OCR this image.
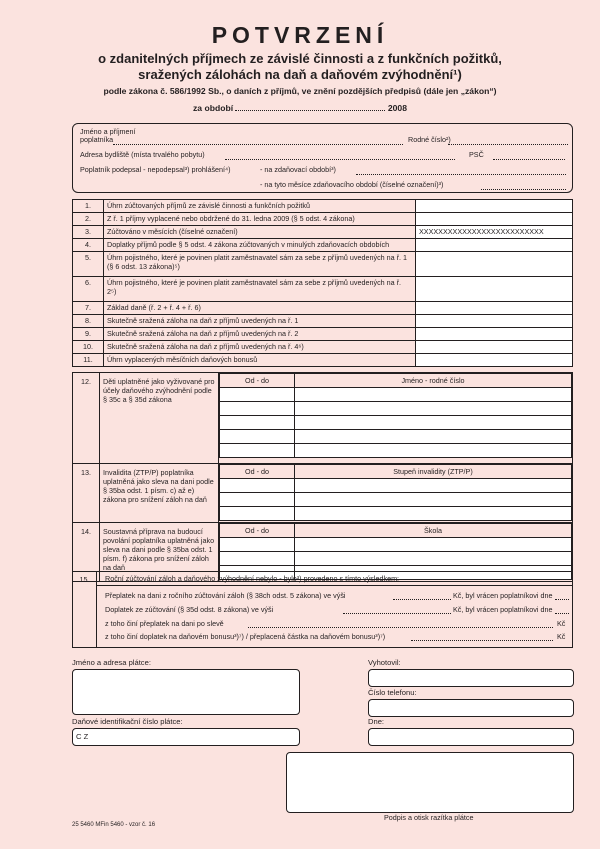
POTVRZENÍ
o zdanitelných příjmech ze závislé činnosti a z funkčních požitků,
sražených zálohách na daň a daňovém zvýhodnění¹)
podle zákona č. 586/1992 Sb., o daních z příjmů, ve znění pozdějších předpisů (dále jen „zákon“)
za období	2008
Jméno a příjmení poplatníka	Rodné číslo²)
Adresa bydliště (místa trvalého pobytu)	PSČ
Poplatník podepsal - nepodepsal³) prohlášení⁴)	- na zdaňovací období³)
- na tyto měsíce zdaňovacího období (číselné označení)³)
1.	Úhrn zúčtovaných příjmů ze závislé činnosti a funkčních požitků	
2.	Z ř. 1 příjmy vyplacené nebo obdržené do 31. ledna 2009 (§ 5 odst. 4 zákona)	
3.	Zúčtováno v měsících (číselné označení)	XXXXXXXXXXXXXXXXXXXXXXXXXX
4.	Doplatky příjmů podle § 5 odst. 4 zákona zúčtovaných v minulých zdaňovacích obdobích	
5.	Úhrn pojistného, které je povinen platit zaměstnavatel sám za sebe z příjmů uvedených na ř. 1 (§ 6 odst. 13 zákona)⁵)	
6.	Úhrn pojistného, které je povinen platit zaměstnavatel sám za sebe z příjmů uvedených na ř. 2⁵)	
7.	Základ daně (ř. 2 + ř. 4 + ř. 6)	
8.	Skutečně sražená záloha na daň z příjmů uvedených na ř. 1	
9.	Skutečně sražená záloha na daň z příjmů uvedených na ř. 2	
10.	Skutečně sražená záloha na daň z příjmů uvedených na ř. 4⁶)	
11.	Úhrn vyplacených měsíčních daňových bonusů	
12.	Děti uplatněné jako vyživované pro účely daňového zvýhodnění podle § 35c a § 35d zákona	
Od - do	Jméno - rodné číslo

13.	Invalidita (ZTP/P) poplatníka uplatněná jako sleva na dani podle § 35ba odst. 1 písm. c) až e) zákona pro snížení záloh na daň	
Od - do	Stupeň invalidity (ZTP/P)

14.	Soustavná příprava na budoucí povolání poplatníka uplatněná jako sleva na dani podle § 35ba odst. 1 písm. f) zákona pro snížení záloh na daň	
Od - do	Škola

15.	Roční zúčtování záloh a daňového zvýhodnění nebylo - bylo³) provedeno s tímto výsledkem:
Přeplatek na dani z ročního zúčtování záloh (§ 38ch odst. 5 zákona) ve výši	Kč, byl vrácen poplatníkovi dne
Doplatek ze zúčtování (§ 35d odst. 8 zákona) ve výši	Kč, byl vrácen poplatníkovi dne
z toho činí přeplatek na dani po slevě	Kč
z toho činí doplatek na daňovém bonusu³)⁷) / přeplacená částka na daňovém bonusu³)⁷)	Kč
Jméno a adresa plátce:
Daňové identifikační číslo plátce:
C Z
Vyhotovil:
Číslo telefonu:
Dne:
Podpis a otisk razítka plátce
25 5460 MFin 5460 - vzor č. 16
